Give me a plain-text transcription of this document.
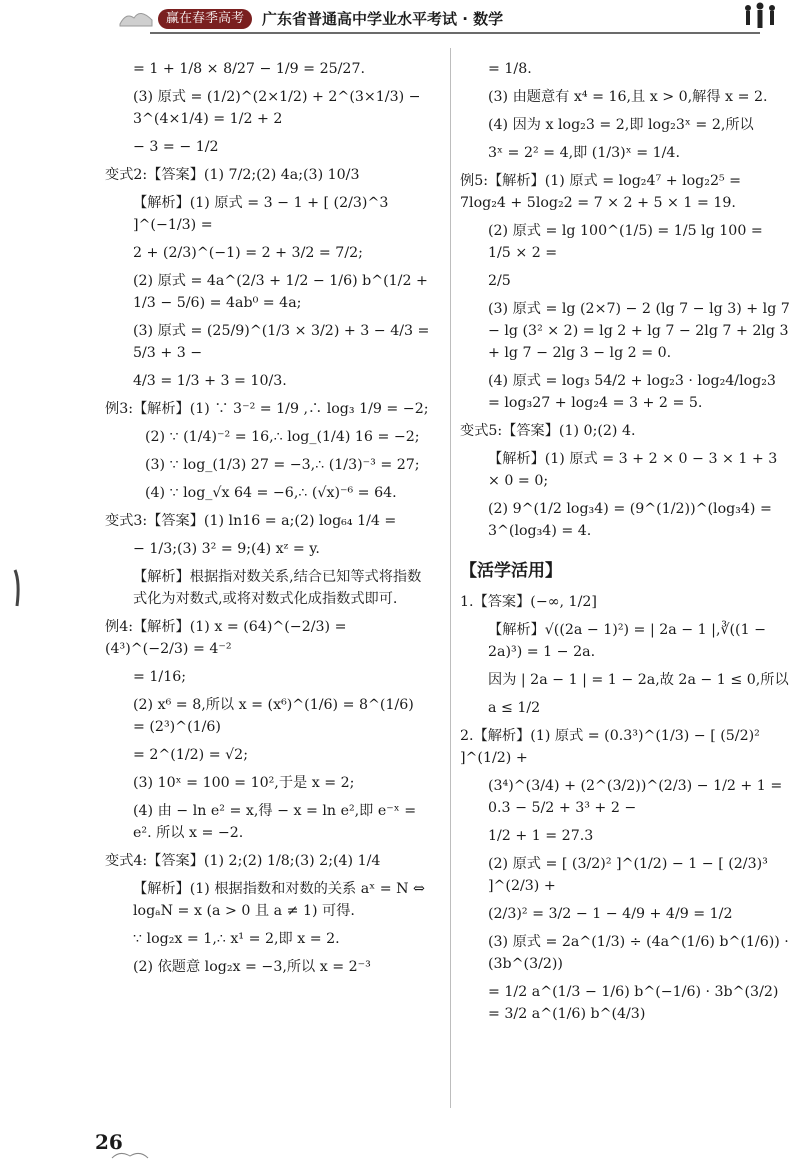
赢在春季高考	广东省普通高中学业水平考试 · 数学
= 1 + 1/8 × 8/27 − 1/9 = 25/27.
(3) 原式 = (1/2)^(2×1/2) + 2^(3×1/3) − 3^(4×1/4) = 1/2 + 2
− 3 = − 1/2
变式2:【答案】(1) 7/2;(2) 4a;(3) 10/3
【解析】(1) 原式 = 3 − 1 + [ (2/3)^3 ]^(−1/3) =
2 + (2/3)^(−1) = 2 + 3/2 = 7/2;
(2) 原式 = 4a^(2/3 + 1/2 − 1/6) b^(1/2 + 1/3 − 5/6) = 4ab⁰ = 4a;
(3) 原式 = (25/9)^(1/3 × 3/2) + 3 − 4/3 = 5/3 + 3 −
4/3 = 1/3 + 3 = 10/3.
例3:【解析】(1) ∵ 3⁻² = 1/9 ,∴ log₃ 1/9 = −2;
(2) ∵ (1/4)⁻² = 16,∴ log_(1/4) 16 = −2;
(3) ∵ log_(1/3) 27 = −3,∴ (1/3)⁻³ = 27;
(4) ∵ log_√x 64 = −6,∴ (√x)⁻⁶ = 64.
变式3:【答案】(1) ln16 = a;(2) log₆₄ 1/4 =
− 1/3;(3) 3² = 9;(4) xᶻ = y.
【解析】根据指对数关系,结合已知等式将指数式化为对数式,或将对数式化成指数式即可.
例4:【解析】(1) x = (64)^(−2/3) = (4³)^(−2/3) = 4⁻²
= 1/16;
(2) x⁶ = 8,所以 x = (x⁶)^(1/6) = 8^(1/6) = (2³)^(1/6)
= 2^(1/2) = √2;
(3) 10ˣ = 100 = 10²,于是 x = 2;
(4) 由 − ln e² = x,得 − x = ln e²,即 e⁻ˣ = e². 所以 x = −2.
变式4:【答案】(1) 2;(2) 1/8;(3) 2;(4) 1/4
【解析】(1) 根据指数和对数的关系 aˣ = N ⇔ logₐN = x (a > 0 且 a ≠ 1) 可得.
∵ log₂x = 1,∴ x¹ = 2,即 x = 2.
(2) 依题意 log₂x = −3,所以 x = 2⁻³
= 1/8.
(3) 由题意有 x⁴ = 16,且 x > 0,解得 x = 2.
(4) 因为 x log₂3 = 2,即 log₂3ˣ = 2,所以
3ˣ = 2² = 4,即 (1/3)ˣ = 1/4.
例5:【解析】(1) 原式 = log₂4⁷ + log₂2⁵ = 7log₂4 + 5log₂2 = 7 × 2 + 5 × 1 = 19.
(2) 原式 = lg 100^(1/5) = 1/5 lg 100 = 1/5 × 2 =
2/5
(3) 原式 = lg (2×7) − 2 (lg 7 − lg 3) + lg 7 − lg (3² × 2) = lg 2 + lg 7 − 2lg 7 + 2lg 3 + lg 7 − 2lg 3 − lg 2 = 0.
(4) 原式 = log₃ 54/2 + log₂3 · log₂4/log₂3 = log₃27 + log₂4 = 3 + 2 = 5.
变式5:【答案】(1) 0;(2) 4.
【解析】(1) 原式 = 3 + 2 × 0 − 3 × 1 + 3 × 0 = 0;
(2) 9^(1/2 log₃4) = (9^(1/2))^(log₃4) = 3^(log₃4) = 4.
【活学活用】
1.【答案】(−∞, 1/2]
【解析】√((2a − 1)²) = | 2a − 1 |,∛((1 − 2a)³) = 1 − 2a.
因为 | 2a − 1 | = 1 − 2a,故 2a − 1 ≤ 0,所以
a ≤ 1/2
2.【解析】(1) 原式 = (0.3³)^(1/3) − [ (5/2)² ]^(1/2) +
(3⁴)^(3/4) + (2^(3/2))^(2/3) − 1/2 + 1 = 0.3 − 5/2 + 3³ + 2 −
1/2 + 1 = 27.3
(2) 原式 = [ (3/2)² ]^(1/2) − 1 − [ (2/3)³ ]^(2/3) +
(2/3)² = 3/2 − 1 − 4/9 + 4/9 = 1/2
(3) 原式 = 2a^(1/3) ÷ (4a^(1/6) b^(1/6)) · (3b^(3/2))
= 1/2 a^(1/3 − 1/6) b^(−1/6) · 3b^(3/2) = 3/2 a^(1/6) b^(4/3)
26
